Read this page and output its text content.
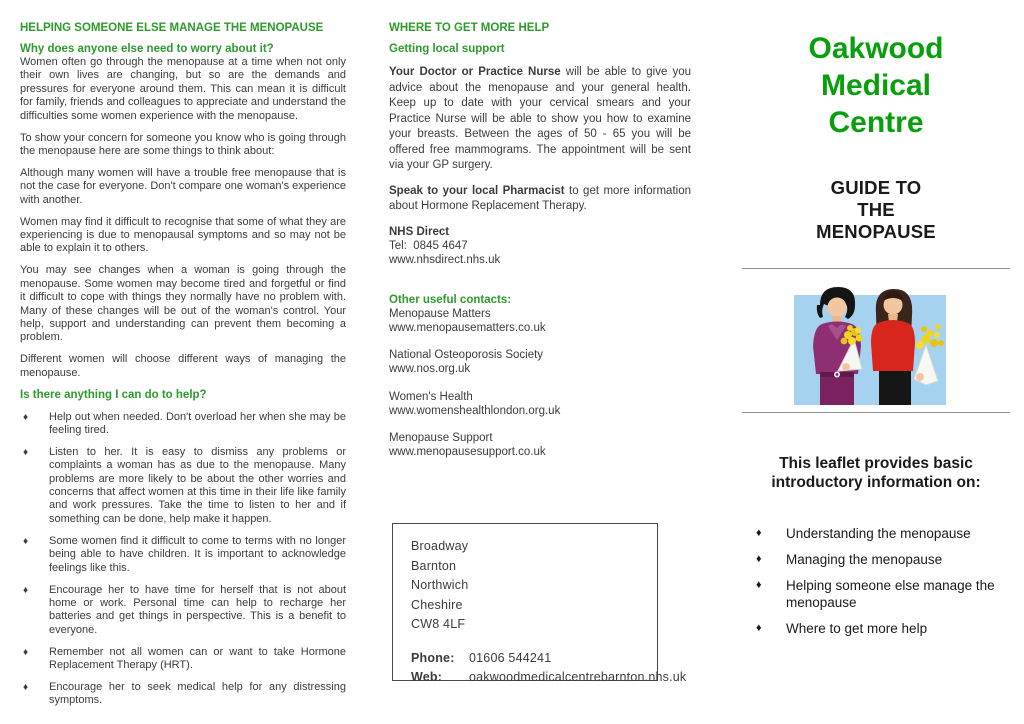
HELPING SOMEONE ELSE MANAGE THE MENOPAUSE
Why does anyone else need to worry about it?

Women often go through the menopause at a time when not only their own lives are changing, but so are the demands and pressures for everyone around them. This can mean it is difficult for family, friends and colleagues to appreciate and understand the difficulties some women experience with the menopause.

To show your concern for someone you know who is going through the menopause here are some things to think about:

Although many women will have a trouble free menopause that is not the case for everyone. Don't compare one woman's experience with another.

Women may find it difficult to recognise that some of what they are experiencing is due to menopausal symptoms and so may not be able to explain it to others.

You may see changes when a woman is going through the menopause. Some women may become tired and forgetful or find it difficult to cope with things they normally have no problem with. Many of these changes will be out of the woman's control. Your help, support and understanding can prevent them becoming a problem.

Different women will choose different ways of managing the menopause.

Is there anything I can do to help?
♦	Help out when needed. Don't overload her when she may be feeling tired.
♦	Listen to her. It is easy to dismiss any problems or complaints a woman has as due to the menopause. Many problems are more likely to be about the other worries and concerns that affect women at this time in their life like family and work pressures. Take the time to listen to her and if something can be done, help make it happen.
♦	Some women find it difficult to come to terms with no longer being able to have children. It is important to acknowledge feelings like this.
♦	Encourage her to have time for herself that is not about home or work. Personal time can help to recharge her batteries and get things in perspective. This is a benefit to everyone.
♦	Remember not all women can or want to take Hormone Replacement Therapy (HRT).
♦	Encourage her to seek medical help for any distressing symptoms.
WHERE TO GET MORE HELP
Getting local support

Your Doctor or Practice Nurse will be able to give you advice about the menopause and your general health. Keep up to date with your cervical smears and your Practice Nurse will be able to show you how to examine your breasts. Between the ages of 50 - 65 you will be offered free mammograms. The appointment will be sent via your GP surgery.

Speak to your local Pharmacist to get more information about Hormone Replacement Therapy.

NHS Direct
Tel:  0845 4647
www.nhsdirect.nhs.uk
Other useful contacts:
Menopause Matters
www.menopausematters.co.uk
National Osteoporosis Society
www.nos.org.uk
Women's Health
www.womenshealthlondon.org.uk
Menopause Support
www.menopausesupport.co.uk
Broadway
Barnton
Northwich
Cheshire
CW8 4LF
Phone:	01606 544241
Web:	oakwoodmedicalcentrebarnton.nhs.uk
Oakwood
Medical
Centre
GUIDE TO
THE
MENOPAUSE
This leaflet provides basic introductory information on:
♦	Understanding the menopause
♦	Managing the menopause
♦	Helping someone else manage the menopause
♦	Where to get more help
